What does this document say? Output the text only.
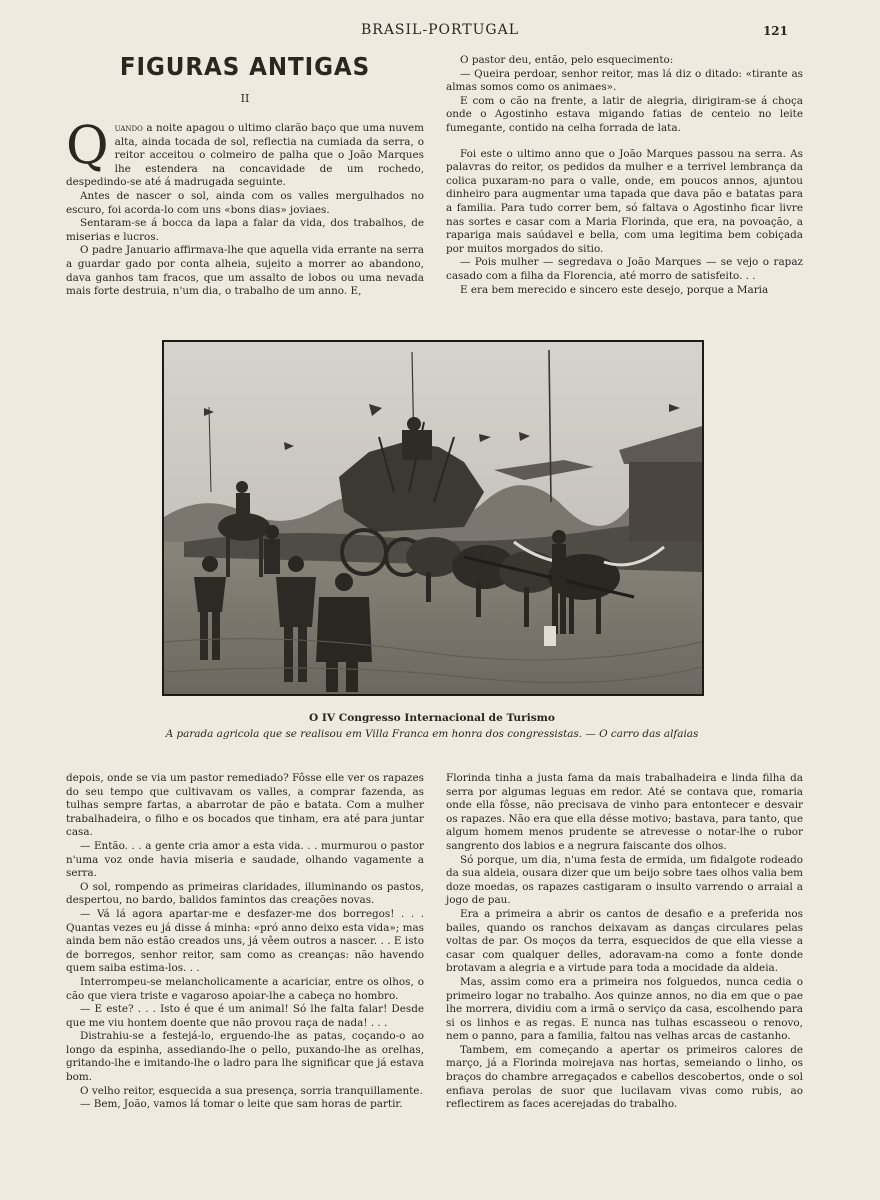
BRASIL-PORTUGAL	121
FIGURAS ANTIGAS
II

Quando a noite apagou o ultimo clarão baço que uma nuvem alta, ainda tocada de sol, reflectia na cumiada da serra, o reitor acceitou o colmeiro de palha que o João Marques lhe estendera na concavidade de um rochedo, despedindo-se até á madrugada seguinte.

Antes de nascer o sol, ainda com os valles mergulhados no escuro, foi acorda-lo com uns «bons dias» joviaes.

Sentaram-se á bocca da lapa a falar da vida, dos trabalhos, de miserias e lucros.

O padre Januario affirmava-lhe que aquella vida errante na serra a guardar gado por conta alheia, sujeito a morrer ao abandono, dava ganhos tam fracos, que um assalto de lobos ou uma nevada mais forte destruia, n'um dia, o trabalho de um anno. E,

O pastor deu, então, pelo esquecimento:

— Queira perdoar, senhor reitor, mas lá diz o ditado: «tirante as almas somos como os animaes».

E com o cão na frente, a latir de alegria, dirigiram-se á choça onde o Agostinho estava migando fatias de centeio no leite fumegante, contido na celha forrada de lata.

Foi este o ultimo anno que o João Marques passou na serra. As palavras do reitor, os pedidos da mulher e a terrivel lembrança da colica puxaram-no para o valle, onde, em poucos annos, ajuntou dinheiro para augmentar uma tapada que dava pão e batatas para a familia. Para tudo correr bem, só faltava o Agostinho ficar livre nas sortes e casar com a Maria Florinda, que era, na povoação, a rapariga mais saúdavel e bella, com uma legitima bem cobiçada por muitos morgados do sitio.

— Pois mulher — segredava o João Marques — se vejo o rapaz casado com a filha da Florencia, até morro de satisfeito. . .

E era bem merecido e sincero este desejo, porque a Maria

O IV Congresso Internacional de Turismo
A parada agricola que se realisou em Villa Franca em honra dos congressistas. — O carro das alfaias

depois, onde se via um pastor remediado? Fôsse elle ver os rapazes do seu tempo que cultivavam os valles, a comprar fazenda, as tulhas sempre fartas, a abarrotar de pão e batata. Com a mulher trabalhadeira, o filho e os bocados que tinham, era até para juntar casa.

— Então. . . a gente cria amor a esta vida. . . murmurou o pastor n'uma voz onde havia miseria e saudade, olhando vagamente a serra.

O sol, rompendo as primeiras claridades, illuminando os pastos, despertou, no bardo, balidos famintos das creações novas.

— Vá lá agora apartar-me e desfazer-me dos borregos! . . . Quantas vezes eu já disse á minha: «pró anno deixo esta vida»; mas ainda bem não estão creados uns, já vêem outros a nascer. . . E isto de borregos, senhor reitor, sam como as creanças: não havendo quem saiba estima-los. . .

Interrompeu-se melancholicamente a acariciar, entre os olhos, o cão que viera triste e vagaroso apoiar-lhe a cabeça no hombro.

— E este? . . . Isto é que é um animal! Só lhe falta falar! Desde que me viu hontem doente que não provou raça de nada! . . .

Distrahiu-se a festejá-lo, erguendo-lhe as patas, coçando-o ao longo da espinha, assediando-lhe o pello, puxando-lhe as orelhas, gritando-lhe e imitando-lhe o ladro para lhe significar que já estava bom.

O velho reitor, esquecida a sua presença, sorria tranquillamente.

— Bem, João, vamos lá tomar o leite que sam horas de partir.

Florinda tinha a justa fama da mais trabalhadeira e linda filha da serra por algumas leguas em redor. Até se contava que, romaria onde ella fôsse, não precisava de vinho para entontecer e desvair os rapazes. Não era que ella désse motivo; bastava, para tanto, que algum homem menos prudente se atrevesse o notar-lhe o rubor sangrento dos labios e a negrura faiscante dos olhos.

Só porque, um dia, n'uma festa de ermida, um fidalgote rodeado da sua aldeia, ousara dizer que um beijo sobre taes olhos valia bem doze moedas, os rapazes castigaram o insulto varrendo o arraial a jogo de pau.

Era a primeira a abrir os cantos de desafio e a preferida nos bailes, quando os ranchos deixavam as danças circulares pelas voltas de par. Os moços da terra, esquecidos de que ella viesse a casar com qualquer delles, adoravam-na como a fonte donde brotavam a alegria e a virtude para toda a mocidade da aldeia.

Mas, assim como era a primeira nos folguedos, nunca cedia o primeiro logar no trabalho. Aos quinze annos, no dia em que o pae lhe morrera, dividiu com a irmã o serviço da casa, escolhendo para si os linhos e as regas. E nunca nas tulhas escasseou o renovo, nem o panno, para a familia, faltou nas velhas arcas de castanho.

Tambem, em começando a apertar os primeiros calores de março, já a Florinda moirejava nas hortas, semeiando o linho, os braços do chambre arregaçados e cabellos descobertos, onde o sol enfiava perolas de suor que lucilavam vivas como rubis, ao reflectirem as faces acerejadas do trabalho.
